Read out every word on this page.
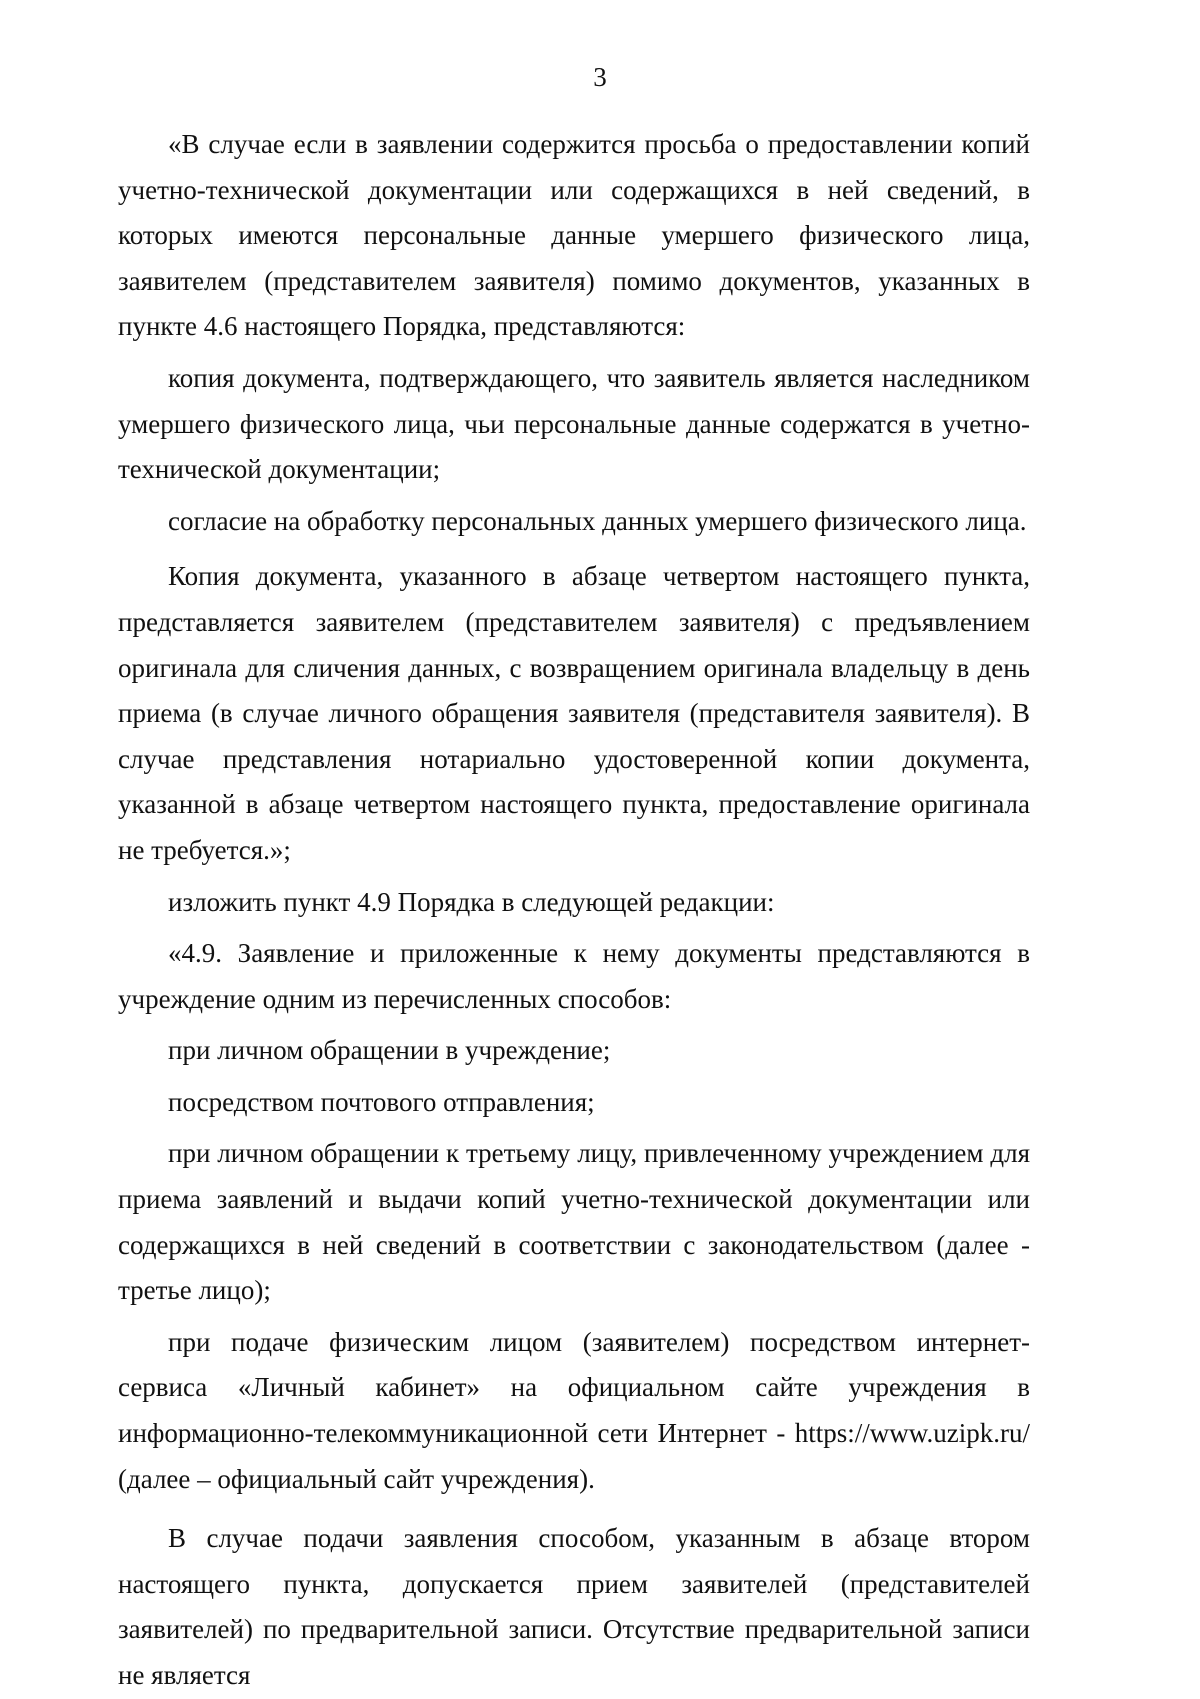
3

«В случае если в заявлении содержится просьба о предоставлении копий учетно-технической документации или содержащихся в ней сведений, в которых имеются персональные данные умершего физического лица, заявителем (представителем заявителя) помимо документов, указанных в пункте 4.6 настоящего Порядка, представляются:

копия документа, подтверждающего, что заявитель является наследником умершего физического лица, чьи персональные данные содержатся в учетно-технической документации;

согласие на обработку персональных данных умершего физического лица.

Копия документа, указанного в абзаце четвертом настоящего пункта, представляется заявителем (представителем заявителя) с предъявлением оригинала для сличения данных, с возвращением оригинала владельцу в день приема (в случае личного обращения заявителя (представителя заявителя). В случае представления нотариально удостоверенной копии документа, указанной в абзаце четвертом настоящего пункта, предоставление оригинала не требуется.»;

изложить пункт 4.9 Порядка в следующей редакции:

«4.9. Заявление и приложенные к нему документы представляются в учреждение одним из перечисленных способов:

при личном обращении в учреждение;

посредством почтового отправления;

при личном обращении к третьему лицу, привлеченному учреждением для приема заявлений и выдачи копий учетно-технической документации или содержащихся в ней сведений в соответствии с законодательством (далее - третье лицо);

при подаче физическим лицом (заявителем) посредством интернет-сервиса «Личный кабинет» на официальном сайте учреждения в информационно-телекоммуникационной сети Интернет - https://www.uzipk.ru/ (далее – официальный сайт учреждения).

В случае подачи заявления способом, указанным в абзаце втором настоящего пункта, допускается прием заявителей (представителей заявителей) по предварительной записи. Отсутствие предварительной записи не является
